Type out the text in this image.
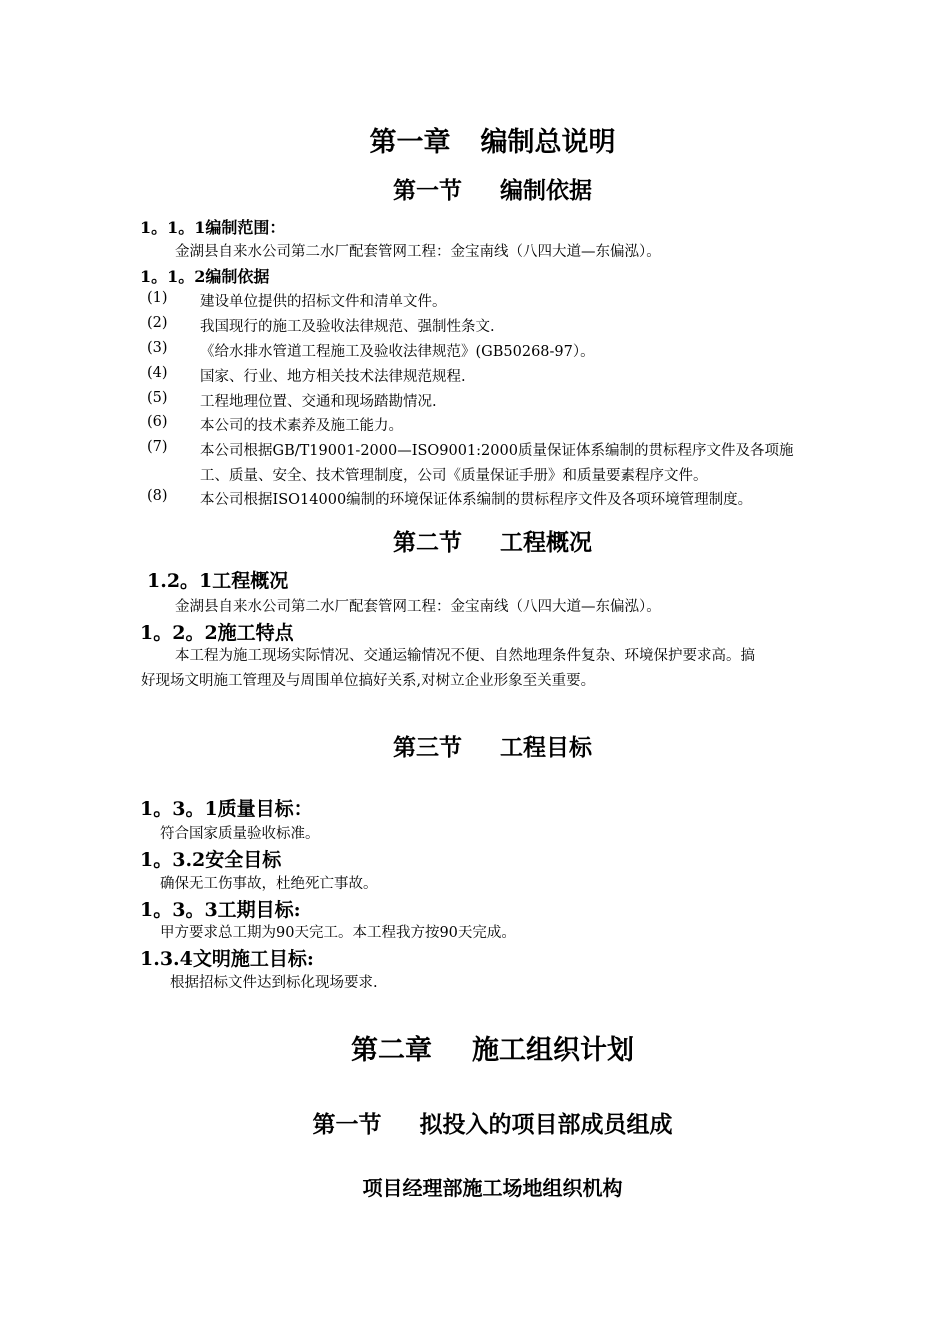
第一章 编制总说明
第一节 编制依据
1。1。1编制范围：
金湖县自来水公司第二水厂配套管网工程：金宝南线（八四大道—东偏泓）。
1。1。2编制依据
(1) 建设单位提供的招标文件和清单文件。
(2) 我国现行的施工及验收法律规范、强制性条文.
(3) 《给水排水管道工程施工及验收法律规范》(GB50268-97）。
(4) 国家、行业、地方相关技术法律规范规程.
(5) 工程地理位置、交通和现场踏勘情况.
(6) 本公司的技术素养及施工能力。
(7) 本公司根据GB/T19001-2000—ISO9001:2000质量保证体系编制的贯标程序文件及各项施
工、质量、安全、技术管理制度，公司《质量保证手册》和质量要素程序文件。
(8) 本公司根据ISO14000编制的环境保证体系编制的贯标程序文件及各项环境管理制度。
第二节 工程概况
1.2。1工程概况
金湖县自来水公司第二水厂配套管网工程：金宝南线（八四大道—东偏泓）。
1。2。2施工特点
本工程为施工现场实际情况、交通运输情况不便、自然地理条件复杂、环境保护要求高。搞
好现场文明施工管理及与周围单位搞好关系,对树立企业形象至关重要。
第三节 工程目标
1。3。1质量目标：
符合国家质量验收标准。
1。3.2安全目标
确保无工伤事故，杜绝死亡事故。
1。3。3工期目标:
甲方要求总工期为90天完工。本工程我方按90天完成。
1.3.4文明施工目标:
根据招标文件达到标化现场要求.
第二章 施工组织计划
第一节 拟投入的项目部成员组成
项目经理部施工场地组织机构
